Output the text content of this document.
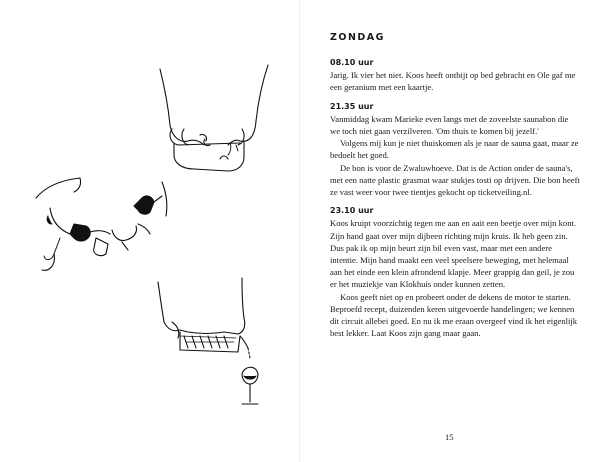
ZONDAG
08.10 uur

Jarig. Ik vier het niet. Koos heeft ontbijt op bed gebracht en Ole gaf me een geranium met een kaartje.

21.35 uur

Vanmiddag kwam Marieke even langs met de zoveelste saunabon die we toch niet gaan verzilveren. 'Om thuis te komen bij jezelf.'

Volgens mij kun je niet thuiskomen als je naar de sauna gaat, maar ze bedoelt het goed.

De bon is voor de Zwaluwhoeve. Dat is de Action onder de sauna's, met een natte plastic grasmat waar stukjes tosti op drijven. Die bon heeft ze vast weer voor twee tientjes gekocht op ticketveiling.nl.

23.10 uur

Koos kruipt voorzichtig tegen me aan en aait een beetje over mijn kont. Zijn hand gaat over mijn dijbeen richting mijn kruis. Ik heb geen zin. Dus pak ik op mijn beurt zijn bil even vast, maar met een andere intentie. Mijn hand maakt een veel speelsere beweging, met helemaal aan het einde een klein afrondend klapje. Meer grappig dan geil, je zou er het muziekje van Klokhuis onder kunnen zetten.

Koos geeft niet op en probeert onder de dekens de motor te starten. Beproefd recept, duizenden keren uitgevoerde handelingen; we kennen dit circuit allebei goed. En nu ik me eraan overgeef vind ik het eigenlijk best lekker. Laat Koos zijn gang maar gaan.

15
